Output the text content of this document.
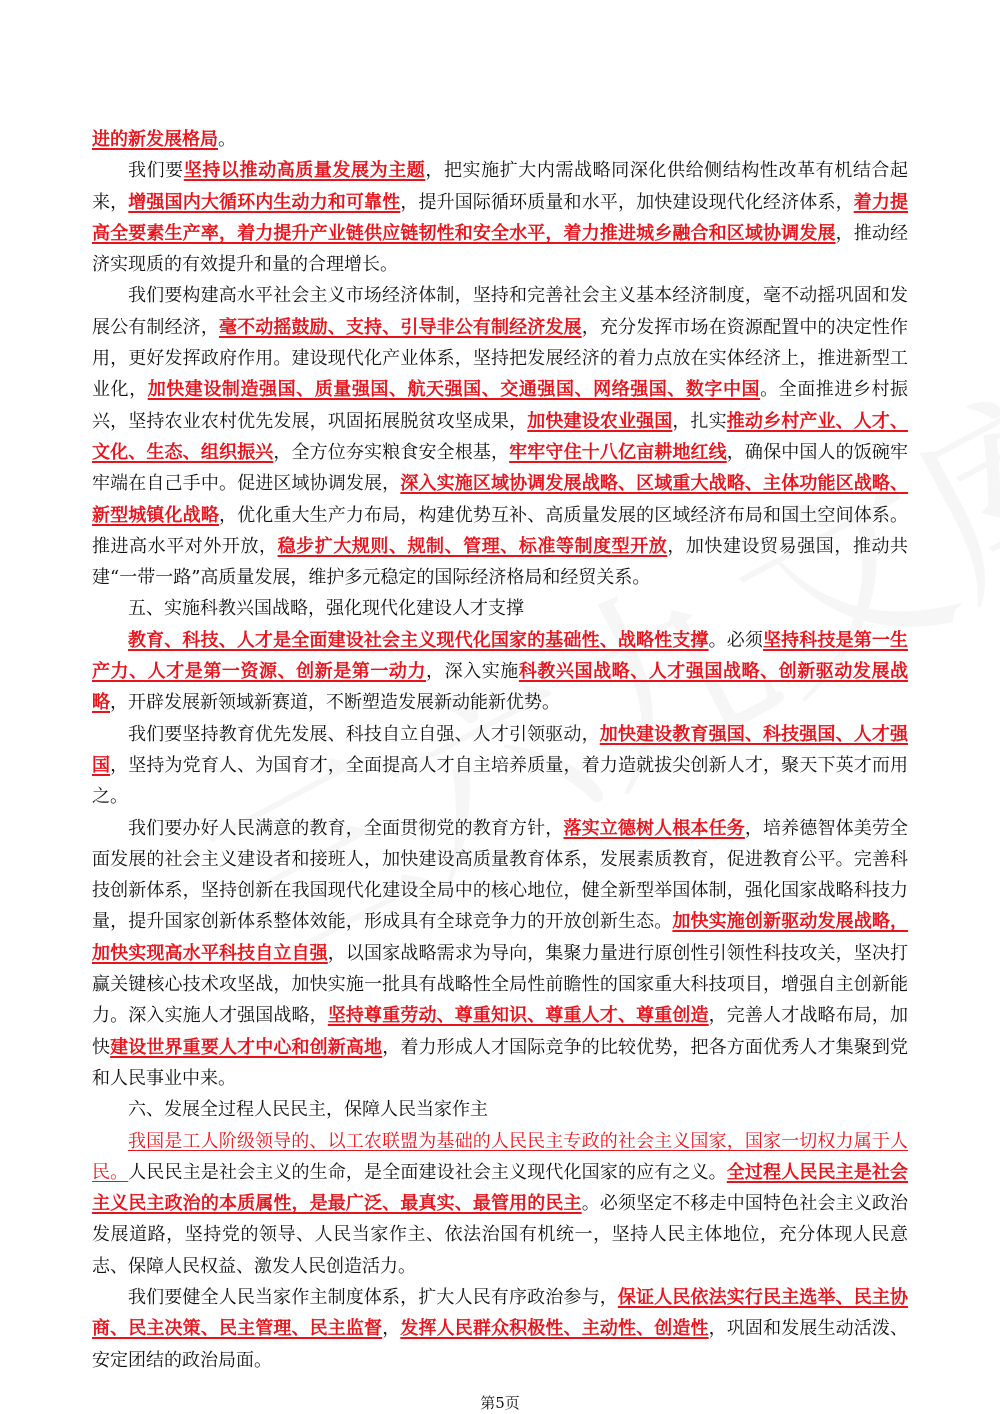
进的新发展格局。

我们要坚持以推动高质量发展为主题，把实施扩大内需战略同深化供给侧结构性改革有机结合起来，增强国内大循环内生动力和可靠性，提升国际循环质量和水平，加快建设现代化经济体系，着力提高全要素生产率，着力提升产业链供应链韧性和安全水平，着力推进城乡融合和区域协调发展，推动经济实现质的有效提升和量的合理增长。

我们要构建高水平社会主义市场经济体制，坚持和完善社会主义基本经济制度，毫不动摇巩固和发展公有制经济，毫不动摇鼓励、支持、引导非公有制经济发展，充分发挥市场在资源配置中的决定性作用，更好发挥政府作用。建设现代化产业体系，坚持把发展经济的着力点放在实体经济上，推进新型工业化，加快建设制造强国、质量强国、航天强国、交通强国、网络强国、数字中国。全面推进乡村振兴，坚持农业农村优先发展，巩固拓展脱贫攻坚成果，加快建设农业强国，扎实推动乡村产业、人才、文化、生态、组织振兴，全方位夯实粮食安全根基，牢牢守住十八亿亩耕地红线，确保中国人的饭碗牢牢端在自己手中。促进区域协调发展，深入实施区域协调发展战略、区域重大战略、主体功能区战略、新型城镇化战略，优化重大生产力布局，构建优势互补、高质量发展的区域经济布局和国土空间体系。推进高水平对外开放，稳步扩大规则、规制、管理、标准等制度型开放，加快建设贸易强国，推动共建“一带一路”高质量发展，维护多元稳定的国际经济格局和经贸关系。

五、实施科教兴国战略，强化现代化建设人才支撑

教育、科技、人才是全面建设社会主义现代化国家的基础性、战略性支撑。必须坚持科技是第一生产力、人才是第一资源、创新是第一动力，深入实施科教兴国战略、人才强国战略、创新驱动发展战略，开辟发展新领域新赛道，不断塑造发展新动能新优势。

我们要坚持教育优先发展、科技自立自强、人才引领驱动，加快建设教育强国、科技强国、人才强国，坚持为党育人、为国育才，全面提高人才自主培养质量，着力造就拔尖创新人才，聚天下英才而用之。

我们要办好人民满意的教育，全面贯彻党的教育方针，落实立德树人根本任务，培养德智体美劳全面发展的社会主义建设者和接班人，加快建设高质量教育体系，发展素质教育，促进教育公平。完善科技创新体系，坚持创新在我国现代化建设全局中的核心地位，健全新型举国体制，强化国家战略科技力量，提升国家创新体系整体效能，形成具有全球竞争力的开放创新生态。加快实施创新驱动发展战略，加快实现高水平科技自立自强，以国家战略需求为导向，集聚力量进行原创性引领性科技攻关，坚决打赢关键核心技术攻坚战，加快实施一批具有战略性全局性前瞻性的国家重大科技项目，增强自主创新能力。深入实施人才强国战略，坚持尊重劳动、尊重知识、尊重人才、尊重创造，完善人才战略布局，加快建设世界重要人才中心和创新高地，着力形成人才国际竞争的比较优势，把各方面优秀人才集聚到党和人民事业中来。

六、发展全过程人民民主，保障人民当家作主

我国是工人阶级领导的、以工农联盟为基础的人民民主专政的社会主义国家，国家一切权力属于人民。人民民主是社会主义的生命，是全面建设社会主义现代化国家的应有之义。全过程人民民主是社会主义民主政治的本质属性，是最广泛、最真实、最管用的民主。必须坚定不移走中国特色社会主义政治发展道路，坚持党的领导、人民当家作主、依法治国有机统一，坚持人民主体地位，充分体现人民意志、保障人民权益、激发人民创造活力。

我们要健全人民当家作主制度体系，扩大人民有序政治参与，保证人民依法实行民主选举、民主协商、民主决策、民主管理、民主监督，发挥人民群众积极性、主动性、创造性，巩固和发展生动活泼、安定团结的政治局面。

第5页
